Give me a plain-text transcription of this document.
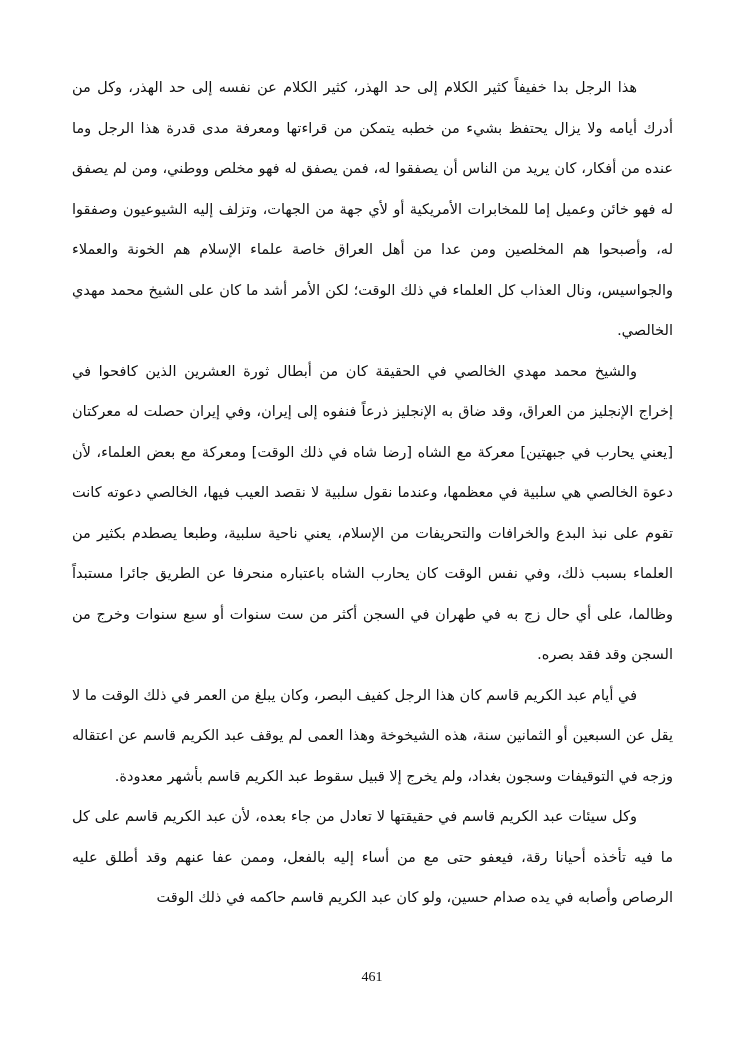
هذا الرجل بدا خفيفاً كثير الكلام إلى حد الهذر، كثير الكلام عن نفسه إلى حد الهذر، وكل من أدرك أيامه ولا يزال يحتفظ بشيء من خطبه يتمكن من قراءتها ومعرفة مدى قدرة هذا الرجل وما عنده من أفكار، كان يريد من الناس أن يصفقوا له، فمن يصفق له فهو مخلص ووطني، ومن لم يصفق له فهو خائن وعميل إما للمخابرات الأمريكية أو لأي جهة من الجهات، وتزلف إليه الشيوعيون وصفقوا له، وأصبحوا هم المخلصين ومن عدا من أهل العراق خاصة علماء الإسلام هم الخونة والعملاء والجواسيس، ونال العذاب كل العلماء في ذلك الوقت؛ لكن الأمر أشد ما كان على الشيخ محمد مهدي الخالصي.

والشيخ محمد مهدي الخالصي في الحقيقة كان من أبطال ثورة العشرين الذين كافحوا في إخراج الإنجليز من العراق، وقد ضاق به الإنجليز ذرعاً فنفوه إلى إيران، وفي إيران حصلت له معركتان [يعني يحارب في جبهتين] معركة مع الشاه [رضا شاه في ذلك الوقت] ومعركة مع بعض العلماء، لأن دعوة الخالصي هي سلبية في معظمها، وعندما نقول سلبية لا نقصد العيب فيها، الخالصي دعوته كانت تقوم على نبذ البدع والخرافات والتحريفات من الإسلام، يعني ناحية سلبية، وطبعا يصطدم بكثير من العلماء بسبب ذلك، وفي نفس الوقت كان يحارب الشاه باعتباره منحرفا عن الطريق جائرا مستبداً وظالما، على أي حال زج به في طهران في السجن أكثر من ست سنوات أو سبع سنوات وخرج من السجن وقد فقد بصره.

في أيام عبد الكريم قاسم كان هذا الرجل كفيف البصر، وكان يبلغ من العمر في ذلك الوقت ما لا يقل عن السبعين أو الثمانين سنة، هذه الشيخوخة وهذا العمى لم يوقف عبد الكريم قاسم عن اعتقاله وزجه في التوقيفات وسجون بغداد، ولم يخرج إلا قبيل سقوط عبد الكريم قاسم بأشهر معدودة.

وكل سيئات عبد الكريم قاسم في حقيقتها لا تعادل من جاء بعده، لأن عبد الكريم قاسم على كل ما فيه تأخذه أحيانا رقة، فيعفو حتى مع من أساء إليه بالفعل، وممن عفا عنهم وقد أطلق عليه الرصاص وأصابه في يده صدام حسين، ولو كان عبد الكريم قاسم حاكمه في ذلك الوقت

461
